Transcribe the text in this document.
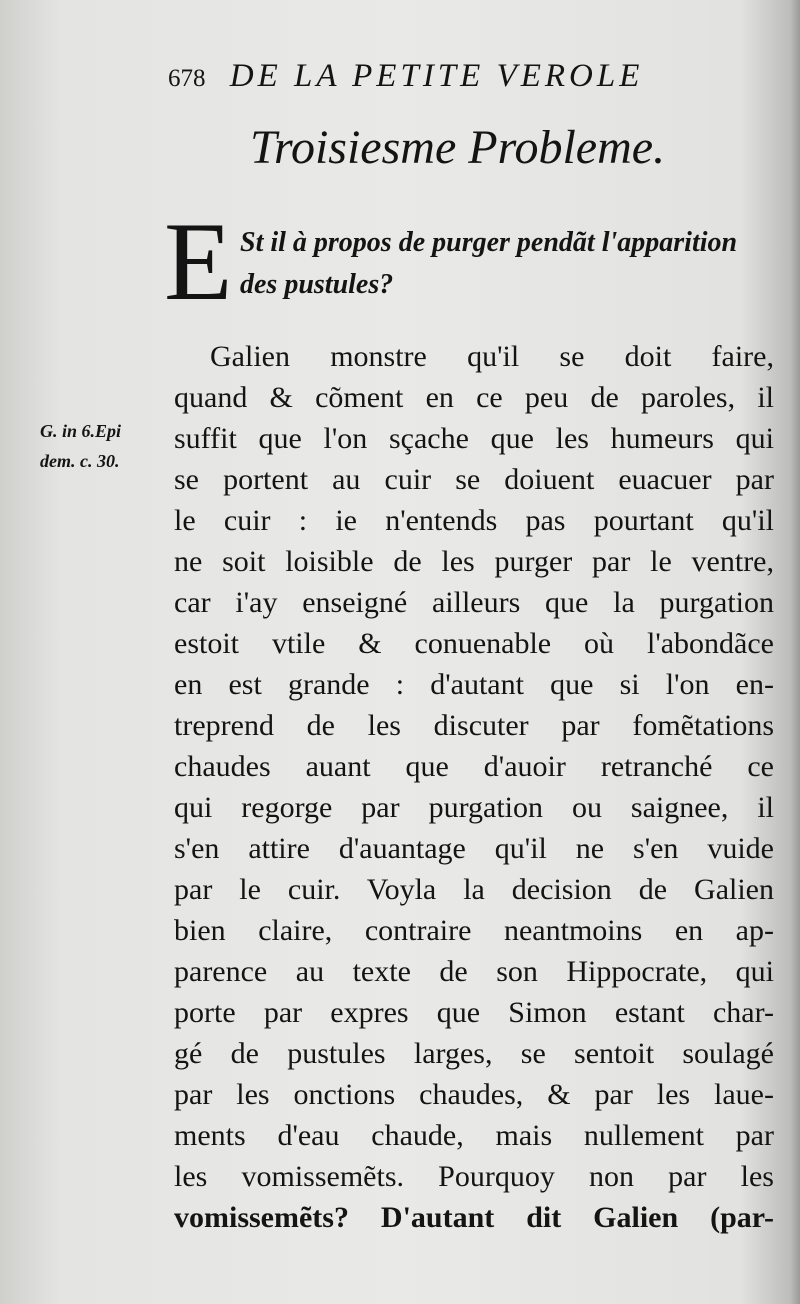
678 DE LA PETITE VEROLE
Troisiesme Probleme.
E St il à propos de purger pendãt l'apparition
des pustules?
G. in 6.Epi
dem. c. 30.
Galien monstre qu'il se doit faire,
quand & cõment en ce peu de paroles, il
suffit que l'on sçache que les humeurs qui
se portent au cuir se doiuent euacuer par
le cuir : ie n'entends pas pourtant qu'il
ne soit loisible de les purger par le ventre,
car i'ay enseigné ailleurs que la purgation
estoit vtile & conuenable où l'abondãce
en est grande : d'autant que si l'on en-
treprend de les discuter par fomẽtations
chaudes auant que d'auoir retranché ce
qui regorge par purgation ou saignee, il
s'en attire d'auantage qu'il ne s'en vuide
par le cuir. Voyla la decision de Galien
bien claire, contraire neantmoins en ap-
parence au texte de son Hippocrate, qui
porte par expres que Simon estant char-
gé de pustules larges, se sentoit soulagé
par les onctions chaudes, & par les laue-
ments d'eau chaude, mais nullement par
les vomissemẽts. Pourquoy non par les
vomissemẽts? D'autant dit Galien (par-
